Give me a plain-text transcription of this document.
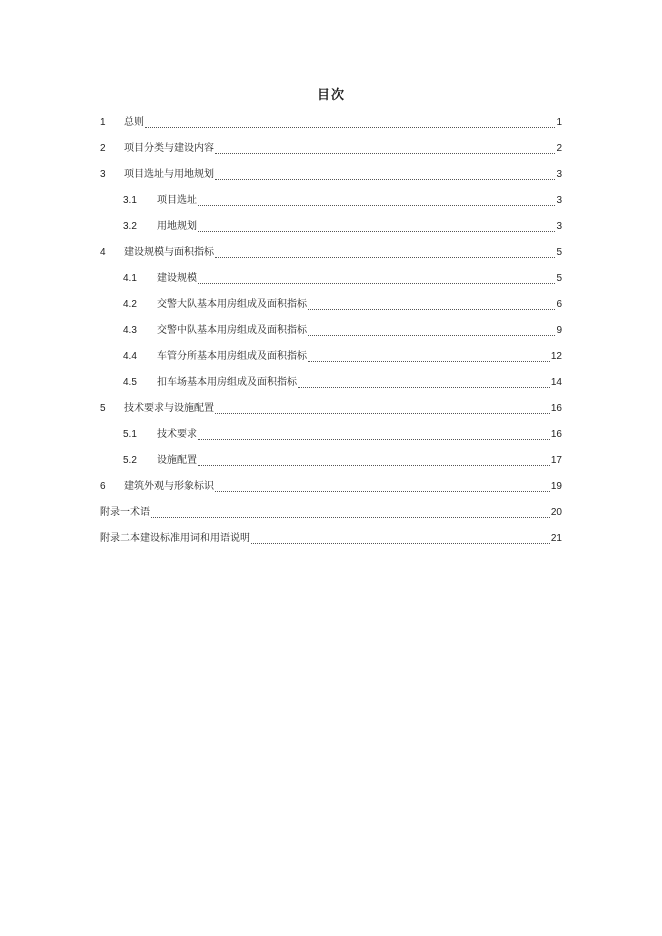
目次
1	总则	1
2	项目分类与建设内容	2
3	项目选址与用地规划	3
3.1	项目选址	3
3.2	用地规划	3
4	建设规模与面积指标	5
4.1	建设规模	5
4.2	交警大队基本用房组成及面积指标	6
4.3	交警中队基本用房组成及面积指标	9
4.4	车管分所基本用房组成及面积指标	12
4.5	扣车场基本用房组成及面积指标	14
5	技术要求与设施配置	16
5.1	技术要求	16
5.2	设施配置	17
6	建筑外观与形象标识	19
附录一术语	20
附录二本建设标准用词和用语说明	21
